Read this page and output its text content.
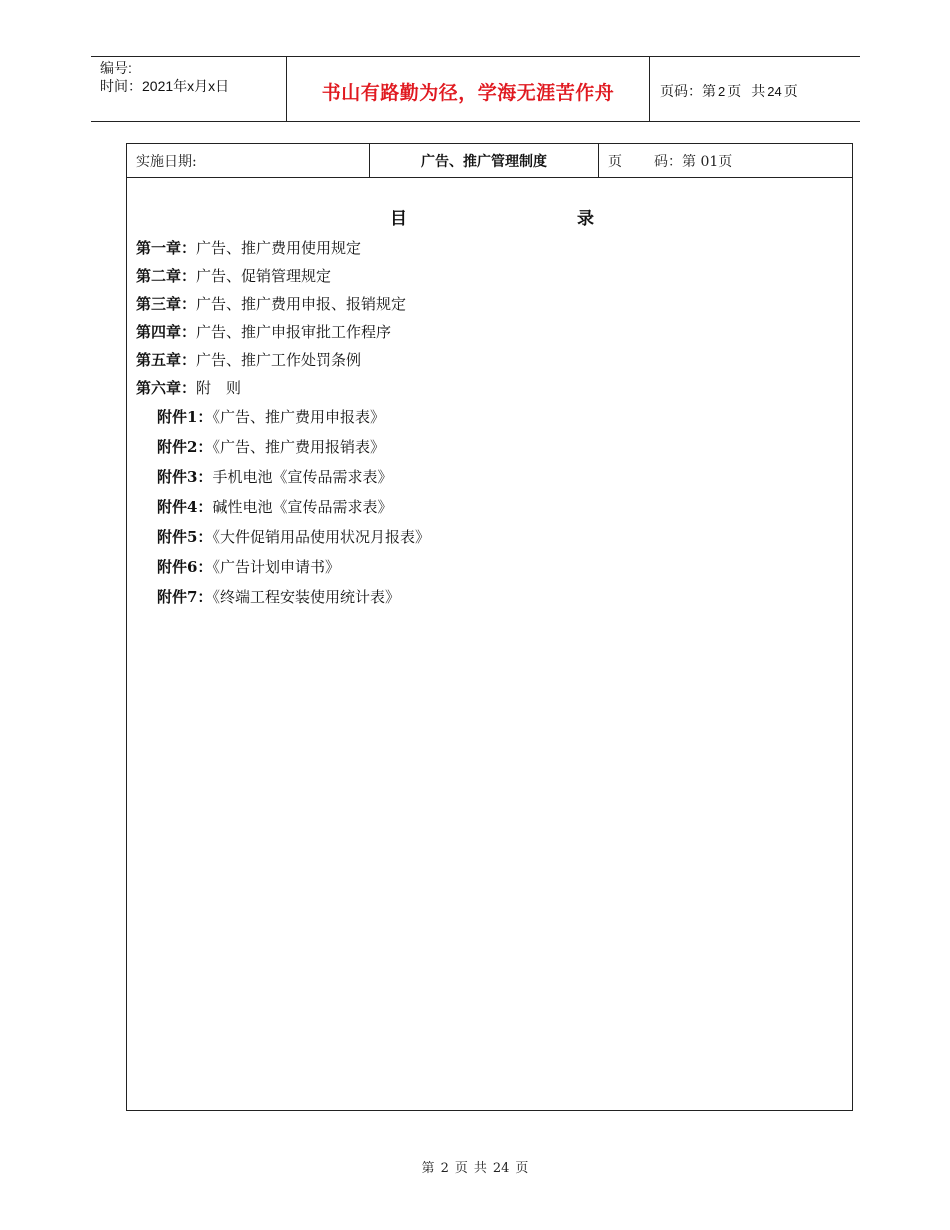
编号:
时间：2021年x月x日	书山有路勤为径，学海无涯苦作舟	页码：第 2 页 共 24 页
实施日期:	广告、推广管理制度	页 码：第 01页
目	录
第一章：广告、推广费用使用规定
第二章：广告、促销管理规定
第三章：广告、推广费用申报、报销规定
第四章：广告、推广申报审批工作程序
第五章：广告、推广工作处罚条例
第六章：附　则
附件1：《广告、推广费用申报表》
附件2：《广告、推广费用报销表》
附件3：手机电池《宣传品需求表》
附件4：碱性电池《宣传品需求表》
附件5：《大件促销用品使用状况月报表》
附件6：《广告计划申请书》
附件7：《终端工程安装使用统计表》
第 2 页 共 24 页
